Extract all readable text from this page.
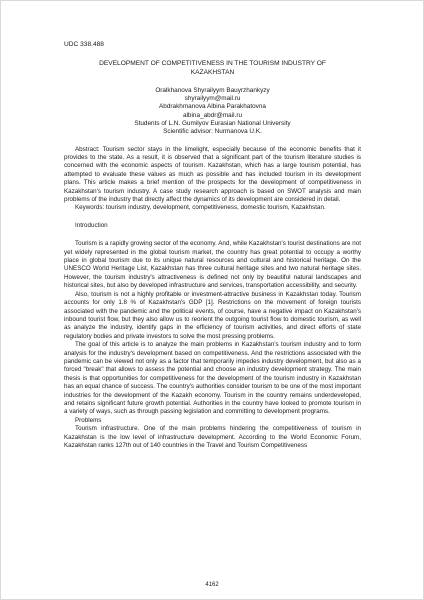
UDC 338.488
DEVELOPMENT OF COMPETITIVENESS IN THE TOURISM INDUSTRY OF KAZAKHSTAN
Oralkhanova Shyrailyym Bauyrzhankyzy
shyrailyym@mail.ru
Abdrakhmanova Albina Parakhatovna
albina_abdr@mail.ru
Students of L.N. Gumilyov Eurasian National University
Scientific advisor: Nurmanova U.K.

Abstract: Tourism sector stays in the limelight, especially because of the economic benefits that it provides to the state. As a result, it is observed that a significant part of the tourism literature studies is concerned with the economic aspects of tourism. Kazakhstan, which has a large tourism potential, has attempted to evaluate these values as much as possible and has included tourism in its development plans. This article makes a brief mention of the prospects for the development of competitiveness in Kazakhstan's tourism industry. A case study research approach is based on SWOT analysis and main problems of the industry that directly affect the dynamics of its development are considered in detail.

Keywords: tourism industry, development, competitiveness, domestic tourism, Kazakhstan.

Introduction

Tourism is a rapidly growing sector of the economy. And, while Kazakhstan's tourist destinations are not yet widely represented in the global tourism market, the country has great potential to occupy a worthy place in global tourism due to its unique natural resources and cultural and historical heritage. On the UNESCO World Heritage List, Kazakhstan has three cultural heritage sites and two natural heritage sites. However, the tourism industry's attractiveness is defined not only by beautiful natural landscapes and historical sites, but also by developed infrastructure and services, transportation accessibility, and security.

Also, tourism is not a highly profitable or investment-attractive business in Kazakhstan today. Tourism accounts for only 1.8 % of Kazakhstan's GDP [1]. Restrictions on the movement of foreign tourists associated with the pandemic and the political events, of course, have a negative impact on Kazakhstan's inbound tourist flow, but they also allow us to reorient the outgoing tourist flow to domestic tourism, as well as analyze the industry, identify gaps in the efficiency of tourism activities, and direct efforts of state regulatory bodies and private investors to solve the most pressing problems.

The goal of this article is to analyze the main problems in Kazakhstan's tourism industry and to form analysis for the industry's development based on competitiveness. And the restrictions associated with the pandemic can be viewed not only as a factor that temporarily impedes industry development, but also as a forced "break" that allows to assess the potential and choose an industry development strategy. The main thesis is that opportunities for competitiveness for the development of the tourism industry in Kazakhstan has an equal chance of success. The country's authorities consider tourism to be one of the most important industries for the development of the Kazakh economy. Tourism in the country remains underdeveloped, and retains significant future growth potential. Authorities in the country have looked to promote tourism in a variety of ways, such as through passing legislation and committing to development programs.

Problems

Tourism infrastructure. One of the main problems hindering the competitiveness of tourism in Kazakhstan is the low level of infrastructure development. According to the World Economic Forum, Kazakhstan ranks 127th out of 140 countries in the Travel and Tourism Competitiveness

4162
